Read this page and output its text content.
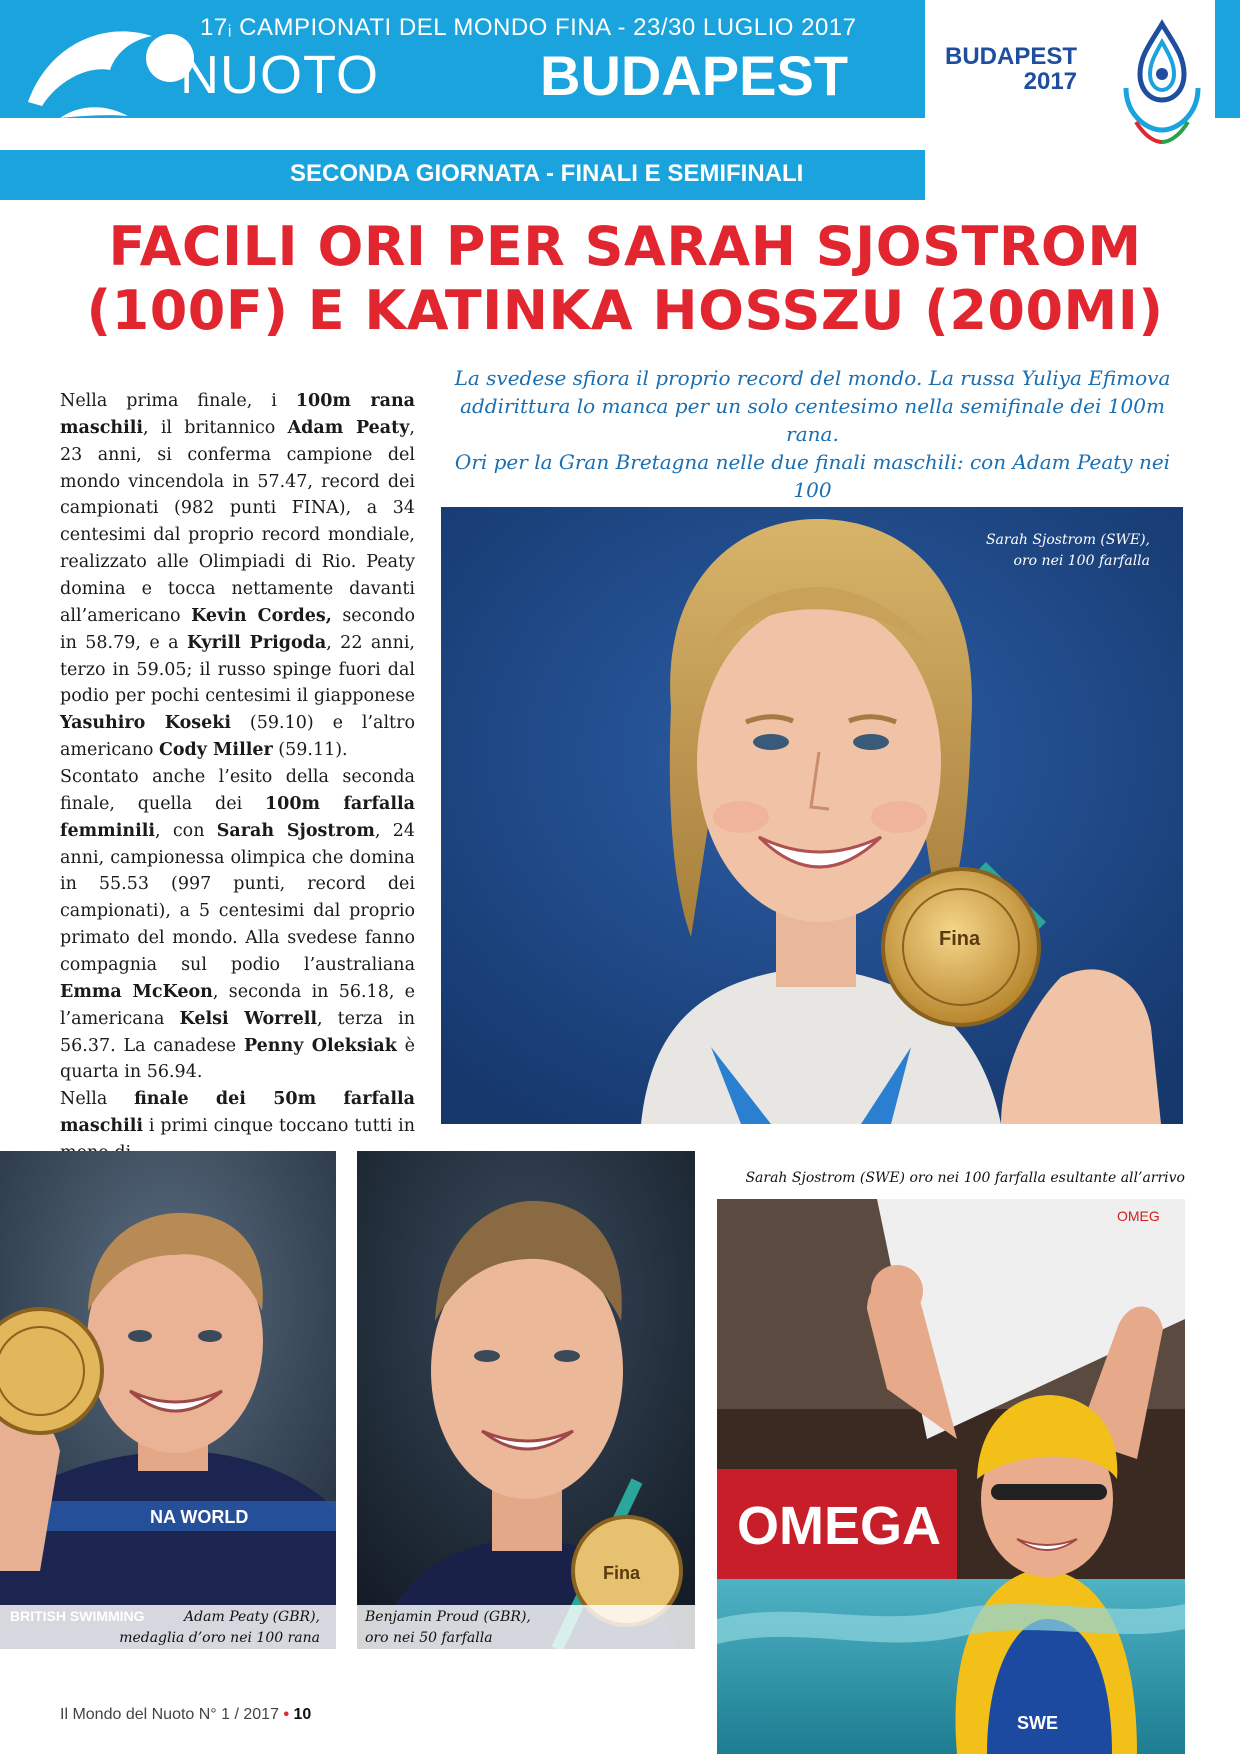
17ᵢ CAMPIONATI DEL MONDO FINA - 23/30 LUGLIO 2017
NUOTO	BUDAPEST	BUDAPEST
2017
SECONDA GIORNATA - FINALI E SEMIFINALI
FACILI ORI PER SARAH SJOSTROM
(100F) E KATINKA HOSSZU (200MI)
La svedese sfiora il proprio record del mondo. La russa Yuliya Efimova
addirittura lo manca per un solo centesimo nella semifinale dei 100m rana.
Ori per la Gran Bretagna nelle due finali maschili: con Adam Peaty nei 100

Nella prima finale, i 100m rana maschili, il britannico Adam Peaty, 23 anni, si conferma campione del mondo vincendola in 57.47, record dei campionati (982 punti FINA), a 34 centesimi dal proprio record mondiale, realizzato alle Olimpiadi di Rio. Peaty domina e tocca nettamente davanti all’americano Kevin Cordes, secondo in 58.79, e a Kyrill Prigoda, 22 anni, terzo in 59.05; il russo spinge fuori dal podio per pochi centesimi il giapponese Yasuhiro Koseki (59.10) e l’altro americano Cody Miller (59.11).

Scontato anche l’esito della seconda finale, quella dei 100m farfalla femminili, con Sarah Sjostrom, 24 anni, campionessa olimpica che domina in 55.53 (997 punti, record dei campionati), a 5 centesimi dal proprio primato del mondo. Alla svedese fanno compagnia sul podio l’australiana Emma McKeon, seconda in 56.18, e l’americana Kelsi Worrell, terza in 56.37. La canadese Penny Oleksiak è quarta in 56.94.

Nella finale dei 50m farfalla maschili i primi cinque toccano tutti in

Fina
Sarah Sjostrom (SWE),
oro nei 100 farfalla
NA WORLD
Adam Peaty (GBR),
medaglia d’oro nei 100 rana
Fina
Benjamin Proud (GBR),
oro nei 50 farfalla
Sarah Sjostrom (SWE) oro nei 100 farfalla esultante all’arrivo
OMEG
OMEGA
SWE
Il Mondo del Nuoto N° 1 / 2017 • 10
